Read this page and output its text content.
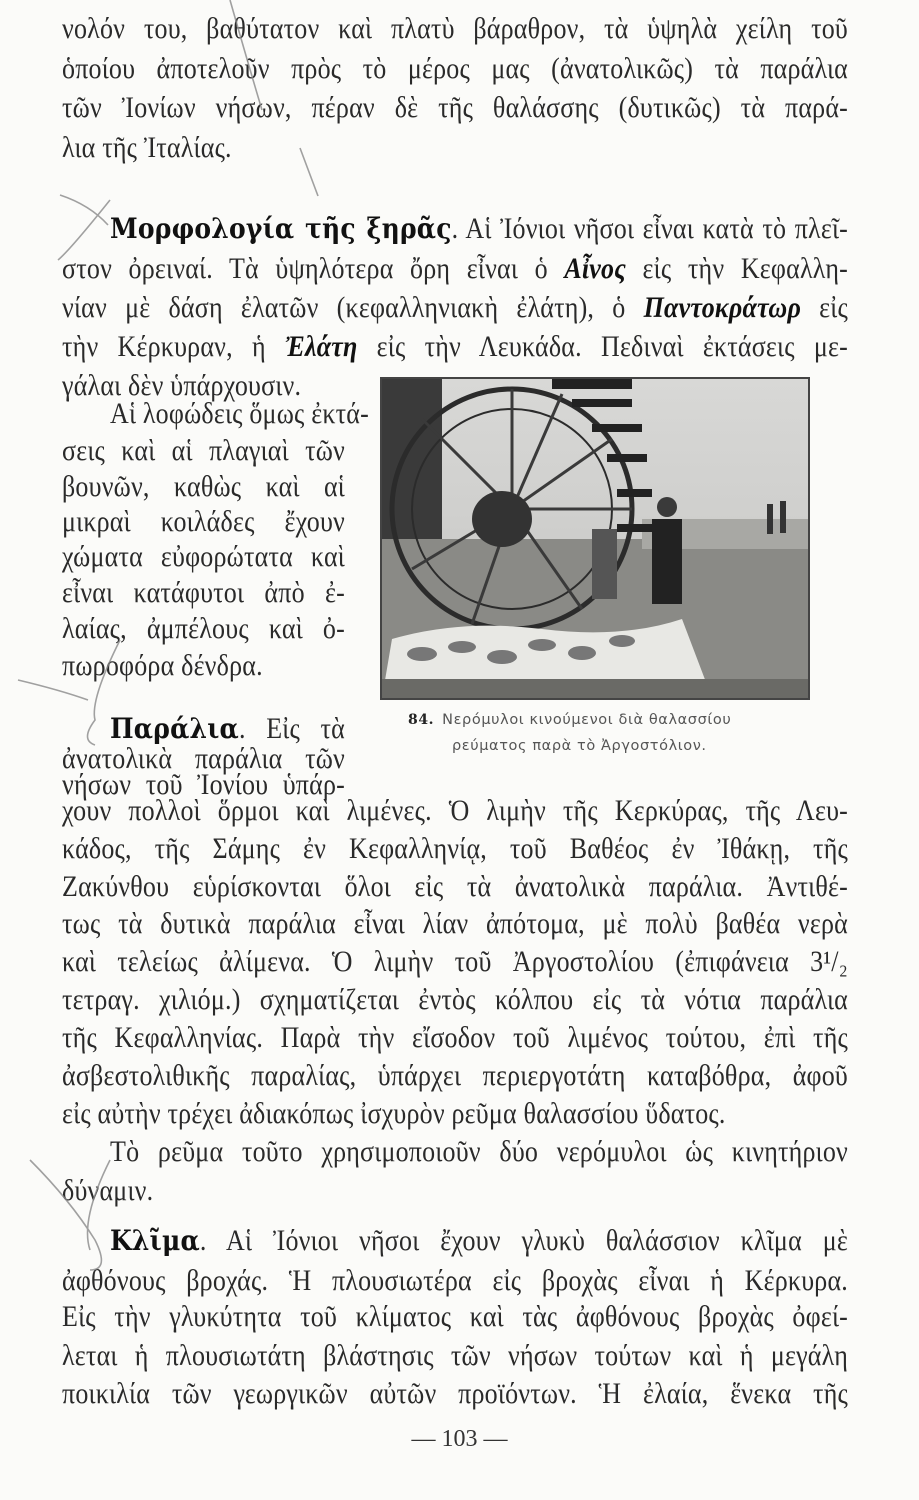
νολόν του, βαθύτατον καὶ πλατὺ βάραθρον, τὰ ὑψηλὰ χείλη τοῦ
ὁποίου ἀποτελοῦν πρὸς τὸ μέρος μας (ἀνατολικῶς) τὰ παράλια
τῶν Ἰονίων νήσων, πέραν δὲ τῆς θαλάσσης (δυτικῶς) τὰ παρά-
λια τῆς Ἰταλίας.
Μορφολογία τῆς ξηρᾶς. Αἱ Ἰόνιοι νῆσοι εἶναι κατὰ τὸ πλεῖ-
στον ὀρειναί. Τὰ ὑψηλότερα ὄρη εἶναι ὁ Αἶνος εἰς τὴν Κεφαλλη-
νίαν μὲ δάση ἐλατῶν (κεφαλληνιακὴ ἐλάτη), ὁ Παντοκράτωρ εἰς
τὴν Κέρκυραν, ἡ Ἐλάτη εἰς τὴν Λευκάδα. Πεδιναὶ ἐκτάσεις με-
γάλαι δὲν ὑπάρχουσιν.
Αἱ λοφώδεις ὅμως ἐκτά-
σεις καὶ αἱ πλαγιαὶ τῶν
βουνῶν, καθὼς καὶ αἱ
μικραὶ κοιλάδες ἔχουν
χώματα εὐφορώτατα καὶ
εἶναι κατάφυτοι ἀπὸ ἐ-
λαίας, ἀμπέλους καὶ ὀ-
πωροφόρα δένδρα.
Παράλια. Εἰς τὰ
ἀνατολικὰ παράλια τῶν
νήσων τοῦ Ἰονίου ὑπάρ-
χουν πολλοὶ ὅρμοι καὶ λιμένες. Ὁ λιμὴν τῆς Κερκύρας, τῆς Λευ-
κάδος, τῆς Σάμης ἐν Κεφαλληνίᾳ, τοῦ Βαθέος ἐν Ἰθάκῃ, τῆς
Ζακύνθου εὑρίσκονται ὅλοι εἰς τὰ ἀνατολικὰ παράλια. Ἀντιθέ-
τως τὰ δυτικὰ παράλια εἶναι λίαν ἀπότομα, μὲ πολὺ βαθέα νερὰ
καὶ τελείως ἀλίμενα. Ὁ λιμὴν τοῦ Ἀργοστολίου (ἐπιφάνεια 3¹/₂
τετραγ. χιλιόμ.) σχηματίζεται ἐντὸς κόλπου εἰς τὰ νότια παράλια
τῆς Κεφαλληνίας. Παρὰ τὴν εἴσοδον τοῦ λιμένος τούτου, ἐπὶ τῆς
ἀσβεστολιθικῆς παραλίας, ὑπάρχει περιεργοτάτη καταβόθρα, ἀφοῦ
εἰς αὐτὴν τρέχει ἀδιακόπως ἰσχυρὸν ρεῦμα θαλασσίου ὕδατος.
Τὸ ρεῦμα τοῦτο χρησιμοποιοῦν δύο νερόμυλοι ὡς κινητήριον
δύναμιν.
Κλῖμα. Αἱ Ἰόνιοι νῆσοι ἔχουν γλυκὺ θαλάσσιον κλῖμα μὲ
ἀφθόνους βροχάς. Ἡ πλουσιωτέρα εἰς βροχὰς εἶναι ἡ Κέρκυρα.
Εἰς τὴν γλυκύτητα τοῦ κλίματος καὶ τὰς ἀφθόνους βροχὰς ὀφεί-
λεται ἡ πλουσιωτάτη βλάστησις τῶν νήσων τούτων καὶ ἡ μεγάλη
ποικιλία τῶν γεωργικῶν αὐτῶν προϊόντων. Ἡ ἐλαία, ἕνεκα τῆς
84. Νερόμυλοι κινούμενοι διὰ θαλασσίου
ρεύματος παρὰ τὸ Ἀργοστόλιον.
— 103 —
